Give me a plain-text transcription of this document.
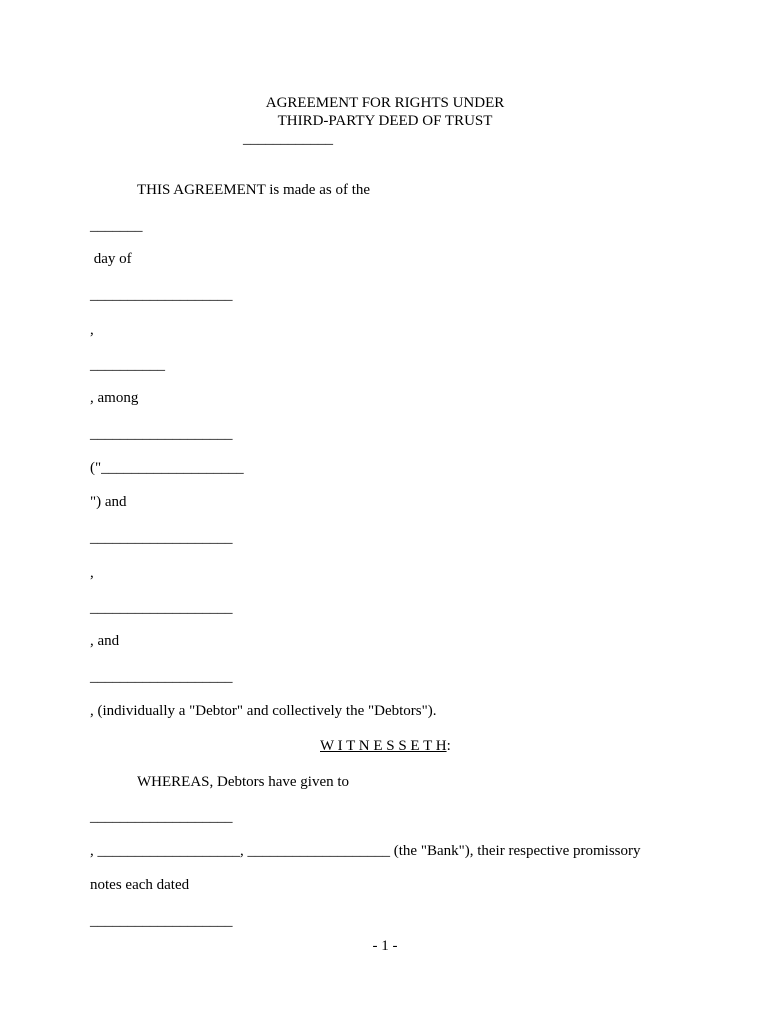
AGREEMENT FOR RIGHTS UNDER
THIRD-PARTY DEED OF TRUST
____________
THIS AGREEMENT is made as of the
_______
day of
___________________
,
__________
, among
___________________
("___________________
") and
___________________
,
___________________
, and
___________________
, (individually a "Debtor" and collectively the "Debtors").
W I T N E S S E T H:
WHEREAS, Debtors have given to
___________________
, ___________________, ___________________ (the "Bank"), their respective promissory
notes each dated
___________________
- 1 -
